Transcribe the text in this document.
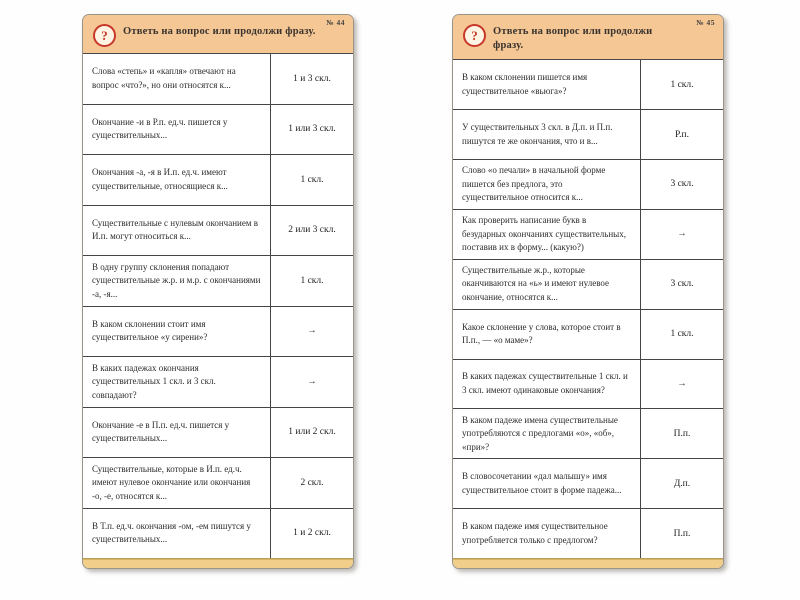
?	Ответь на вопрос или продолжи фразу.
№ 44
Слова «степь» и «капля» отвечают на вопрос «что?», но они относятся к...
1 и 3 скл.
Окончание -и в Р.п. ед.ч. пишется у существительных...
1 или 3 скл.
Окончания -а, -я в И.п. ед.ч. имеют существительные, относящиеся к...
1 скл.
Существительные с нулевым окончанием в И.п. могут относиться к...
2 или 3 скл.
В одну группу склонения попадают существительные ж.р. и м.р. с окончаниями -а, -я...
1 скл.
В каком склонении стоит имя существительное «у сирени»?
→
В каких падежах окончания существительных 1 скл. и 3 скл. совпадают?
→
Окончание -е в П.п. ед.ч. пишется у существительных...
1 или 2 скл.
Существительные, которые в И.п. ед.ч. имеют нулевое окончание или окончания -о, -е, относятся к...
2 скл.
В Т.п. ед.ч. окончания -ом, -ем пишутся у существительных...
1 и 2 скл.
?	Ответь на вопрос или продолжи фразу.
№ 45
В каком склонении пишется имя существительное «вьюга»?
1 скл.
У существительных 3 скл. в Д.п. и П.п. пишутся те же окончания, что и в...
Р.п.
Слово «о печали» в начальной форме пишется без предлога, это существительное относится к...
3 скл.
Как проверить написание букв в безударных окончаниях существительных, поставив их в форму... (какую?)
→
Существительные ж.р., которые оканчиваются на «ь» и имеют нулевое окончание, относятся к...
3 скл.
Какое склонение у слова, которое стоит в П.п., — «о маме»?
1 скл.
В каких падежах существительные 1 скл. и 3 скл. имеют одинаковые окончания?
→
В каком падеже имена существительные употребляются с предлогами «о», «об», «при»?
П.п.
В словосочетании «дал малышу» имя существительное стоит в форме падежа...
Д.п.
В каком падеже имя существительное употребляется только с предлогом?
П.п.
